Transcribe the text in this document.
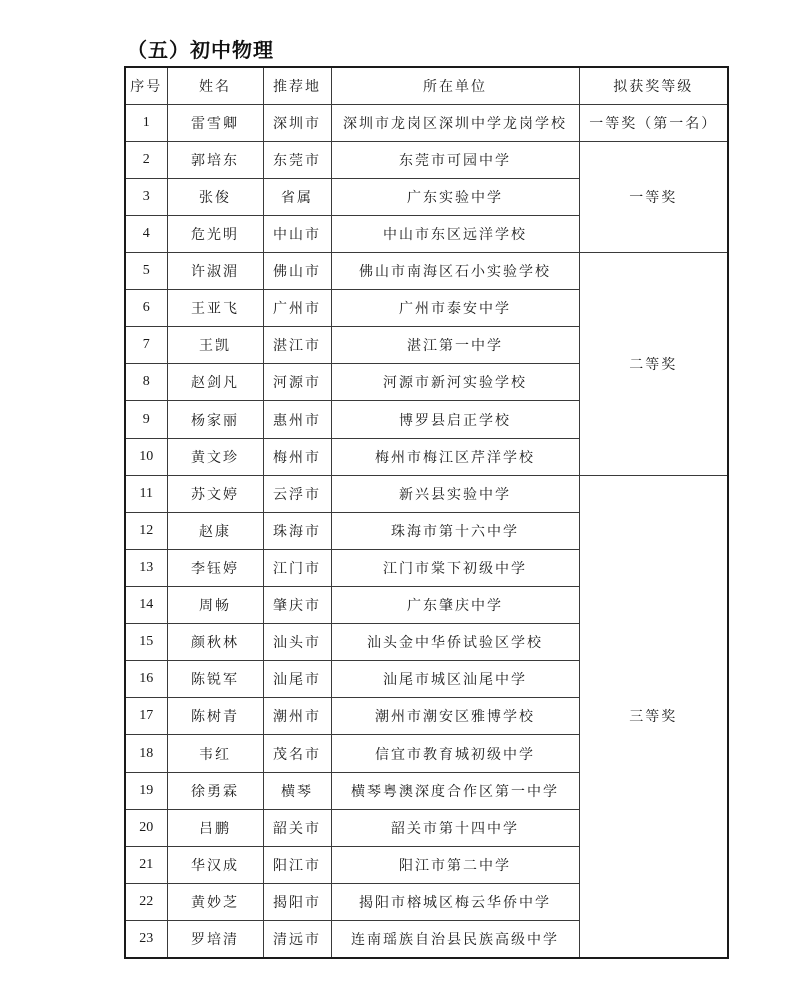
（五）初中物理
序号	姓名	推荐地	所在单位	拟获奖等级
1	雷雪卿	深圳市	深圳市龙岗区深圳中学龙岗学校	一等奖（第一名）
2	郭培东	东莞市	东莞市可园中学	一等奖
3	张俊	省属	广东实验中学	
4	危光明	中山市	中山市东区远洋学校	
5	许淑湄	佛山市	佛山市南海区石小实验学校	二等奖
6	王亚飞	广州市	广州市泰安中学	
7	王凯	湛江市	湛江第一中学	
8	赵剑凡	河源市	河源市新河实验学校	
9	杨家丽	惠州市	博罗县启正学校	
10	黄文珍	梅州市	梅州市梅江区芹洋学校	
11	苏文婷	云浮市	新兴县实验中学	三等奖
12	赵康	珠海市	珠海市第十六中学	
13	李钰婷	江门市	江门市棠下初级中学	
14	周畅	肇庆市	广东肇庆中学	
15	颜秋林	汕头市	汕头金中华侨试验区学校	
16	陈锐军	汕尾市	汕尾市城区汕尾中学	
17	陈树青	潮州市	潮州市潮安区雅博学校	
18	韦红	茂名市	信宜市教育城初级中学	
19	徐勇霖	横琴	横琴粤澳深度合作区第一中学	
20	吕鹏	韶关市	韶关市第十四中学	
21	华汉成	阳江市	阳江市第二中学	
22	黄妙芝	揭阳市	揭阳市榕城区梅云华侨中学	
23	罗培清	清远市	连南瑶族自治县民族高级中学	
